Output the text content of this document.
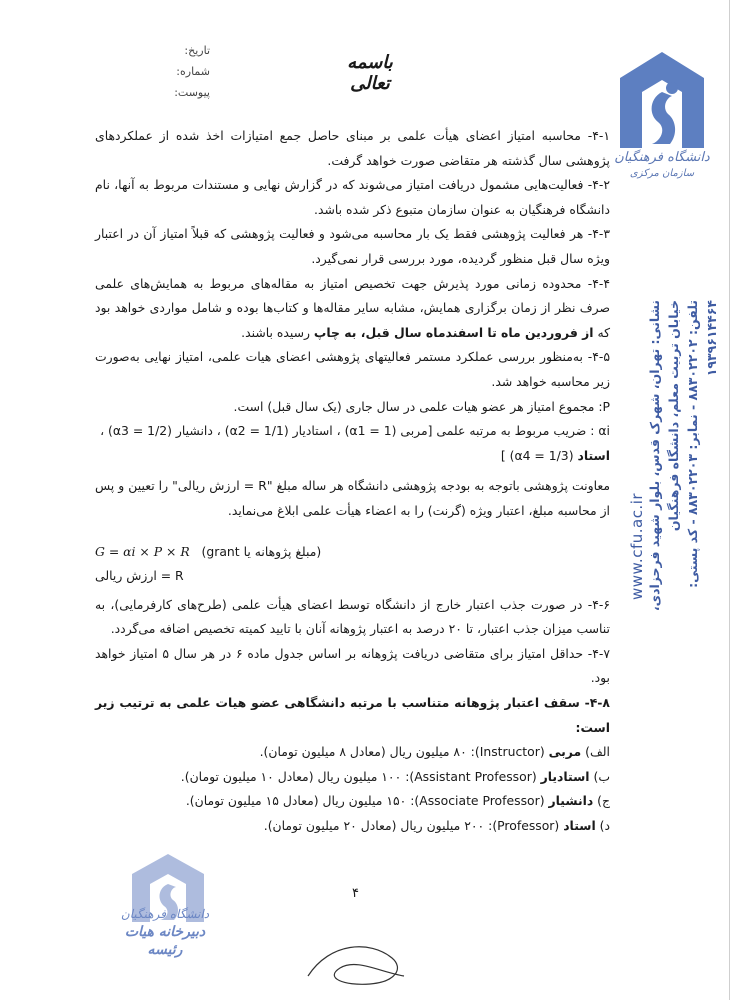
باسمه تعالی
تاریخ:
شماره:
پیوست:
دانشگاه فرهنگیان
سازمان مرکزی
نشانی: تهران، شهرک قدس، بلوار شهید فرحزادی، خیابان تربیت معلم، دانشگاه فرهنگیان
تلفن: ۸۸۳۰۲۲۰۲ - نمابر: ۸۸۳۰۲۲۰۳ - کد پستی: ۱۹۳۹۶۱۴۴۶۴
www.cfu.ac.ir

۴-۱- محاسبه امتیاز اعضای هیأت علمی بر مبنای حاصل جمع امتیازات اخذ شده از عملکردهای پژوهشی سال گذشته هر متقاضی صورت خواهد گرفت.

۴-۲- فعالیت‌هایی مشمول دریافت امتیاز می‌شوند که در گزارش نهایی و مستندات مربوط به آنها، نام دانشگاه فرهنگیان به عنوان سازمان متبوع ذکر شده باشد.

۴-۳- هر فعالیت پژوهشی فقط یک بار محاسبه می‌شود و فعالیت پژوهشی که قبلاً امتیاز آن در اعتبار ویژه سال قبل منظور گردیده، مورد بررسی قرار نمی‌گیرد.

۴-۴- محدوده زمانی مورد پذیرش جهت تخصیص امتیاز به مقاله‌های مربوط به همایش‌های علمی صرف نظر از زمان برگزاری همایش، مشابه سایر مقاله‌ها و کتاب‌ها بوده و شامل مواردی خواهد بود که از فروردین ماه تا اسفندماه سال قبل، به چاپ رسیده باشند.

۴-۵- به‌منظور بررسی عملکرد مستمر فعالیتهای پژوهشی اعضای هیات علمی، امتیاز نهایی به‌صورت زیر محاسبه خواهد شد.

P: مجموع امتیاز هر عضو هیات علمی در سال جاری (یک سال قبل) است.

αi : ضریب مربوط به مرتبه علمی [مربی (α1 = 1) ، استادیار (α2 = 1/1) ، دانشیار (α3 = 1/2) ،

استاد (α4 = 1/3) ]

معاونت پژوهشی باتوجه به بودجه پژوهشی دانشگاه هر ساله مبلغ "R = ارزش ریالی" را تعیین و پس از محاسبه مبلغ، اعتبار ویژه (گرنت) را به اعضاء هیأت علمی ابلاغ می‌نماید.

(مبلغ پژوهانه یا grant)   G = αi × P × R

R = ارزش ریالی

۴-۶- در صورت جذب اعتبار خارج از دانشگاه توسط اعضای هیأت علمی (طرح‌های کارفرمایی)، به تناسب میزان جذب اعتبار، تا ۲۰ درصد به اعتبار پژوهانه آنان با تایید کمیته تخصیص اضافه می‌گردد.

۴-۷- حداقل امتیاز برای متقاضی دریافت پژوهانه بر اساس جدول ماده ۶ در هر سال ۵ امتیاز خواهد بود.

۴-۸- سقف اعتبار پژوهانه متناسب با مرتبه دانشگاهی عضو هیات علمی به ترتیب زیر است:

الف) مربی (Instructor): ۸۰ میلیون ریال (معادل ۸ میلیون تومان).

ب) استادیار (Assistant Professor): ۱۰۰ میلیون ریال (معادل ۱۰ میلیون تومان).

ج) دانشیار (Associate Professor): ۱۵۰ میلیون ریال (معادل ۱۵ میلیون تومان).

د) استاد (Professor): ۲۰۰ میلیون ریال (معادل ۲۰ میلیون تومان).

۴
دانشگاه فرهنگیان
دبیرخانه هیات رئیسه
